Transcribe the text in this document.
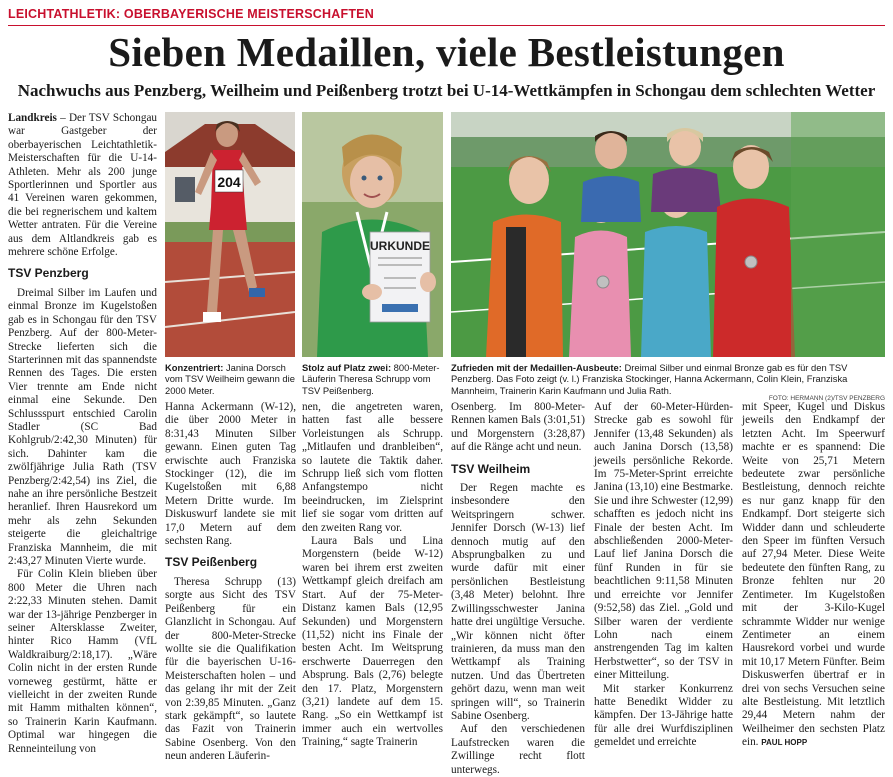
LEICHTATHLETIK: OBERBAYERISCHE MEISTERSCHAFTEN
Sieben Medaillen, viele Bestleistungen
Nachwuchs aus Penzberg, Weilheim und Peißenberg trotzt bei U-14-Wettkämpfen in Schongau dem schlechten Wetter

Landkreis – Der TSV Schongau war Gastgeber der oberbayerischen Leichtathletik-Meisterschaften für die U-14-Athleten. Mehr als 200 junge Sportlerinnen und Sportler aus 41 Vereinen waren gekommen, die bei regnerischem und kaltem Wetter antraten. Für die Vereine aus dem Altlandkreis gab es mehrere schöne Erfolge.

TSV Penzberg

Dreimal Silber im Laufen und einmal Bronze im Kugelstoßen gab es in Schongau für den TSV Penzberg. Auf der 800-Meter-Strecke lieferten sich die Starterinnen mit das spannendste Rennen des Tages. Die ersten Vier trennte am Ende nicht einmal eine Sekunde. Den Schlussspurt entschied Carolin Stadler (SC Bad Kohlgrub/2:42,30 Minuten) für sich. Dahinter kam die zwölfjährige Julia Rath (TSV Penzberg/2:42,54) ins Ziel, die nahe an ihre persönliche Bestzeit heranlief. Ihren Hausrekord um mehr als zehn Sekunden steigerte die gleichaltrige Franziska Mannheim, die mit 2:43,27 Minuten Vierte wurde.

Für Colin Klein blieben über 800 Meter die Uhren nach 2:22,33 Minuten stehen. Damit war der 13-jährige Penzberger in seiner Altersklasse Zweiter, hinter Rico Hamm (VfL Waldkraiburg/2:18,17). „Wäre Colin nicht in der ersten Runde vorneweg gestürmt, hätte er vielleicht in der zweiten Runde mit Hamm mithalten können“, so Trainerin Karin Kaufmann. Optimal war hingegen die Renneinteilung von

204
URKUNDE
Konzentriert: Janina Dorsch vom TSV Weilheim gewann die 2000 Meter.
Stolz auf Platz zwei: 800-Meter-Läuferin Theresa Schrupp vom TSV Peißenberg.
Zufrieden mit der Medaillen-Ausbeute: Dreimal Silber und einmal Bronze gab es für den TSV Penzberg. Das Foto zeigt (v. l.) Franziska Stockinger, Hanna Ackermann, Colin Klein, Franziska Mannheim, Trainerin Karin Kaufmann und Julia Rath.
FOTO: HERMANN (2)/TSV PENZBERG

Hanna Ackermann (W-12), die über 2000 Meter in 8:31,43 Minuten Silber gewann. Einen guten Tag erwischte auch Franziska Stockinger (12), die im Kugelstoßen mit 6,88 Metern Dritte wurde. Im Diskuswurf landete sie mit 17,0 Metern auf dem sechsten Rang.

TSV Peißenberg

Theresa Schrupp (13) sorgte aus Sicht des TSV Peißenberg für ein Glanzlicht in Schongau. Auf der 800-Meter-Strecke wollte sie die Qualifikation für die bayerischen U-16-Meisterschaften holen – und das gelang ihr mit der Zeit von 2:39,85 Minuten. „Ganz stark gekämpft“, so lautete das Fazit von Trainerin Sabine Osenberg. Von den neun anderen Läuferin-

nen, die angetreten waren, hatten fast alle bessere Vorleistungen als Schrupp. „Mitlaufen und dranbleiben“, so lautete die Taktik daher. Schrupp ließ sich vom flotten Anfangstempo nicht beeindrucken, im Zielsprint lief sie sogar vom dritten auf den zweiten Rang vor.

Laura Bals und Lina Morgenstern (beide W-12) waren bei ihrem erst zweiten Wettkampf gleich dreifach am Start. Auf der 75-Meter-Distanz kamen Bals (12,95 Sekunden) und Morgenstern (11,52) nicht ins Finale der besten Acht. Im Weitsprung erschwerte Dauerregen den Absprung. Bals (2,76) belegte den 17. Platz, Morgenstern (3,21) landete auf dem 15. Rang. „So ein Wettkampf ist immer auch ein wertvolles Training,“ sagte Trainerin

Osenberg. Im 800-Meter-Rennen kamen Bals (3:01,51) und Morgenstern (3:28,87) auf die Ränge acht und neun.

TSV Weilheim

Der Regen machte es insbesondere den Weitspringern schwer. Jennifer Dorsch (W-13) lief dennoch mutig auf den Absprungbalken zu und wurde dafür mit einer persönlichen Bestleistung (3,48 Meter) belohnt. Ihre Zwillingsschwester Janina hatte drei ungültige Versuche. „Wir können nicht öfter trainieren, da muss man den Wettkampf als Training nutzen. Und das Übertreten gehört dazu, wenn man weit springen will“, so Trainerin Sabine Osenberg.

Auf den verschiedenen Laufstrecken waren die Zwillinge recht flott unterwegs.

Auf der 60-Meter-Hürden-Strecke gab es sowohl für Jennifer (13,48 Sekunden) als auch Janina Dorsch (13,58) jeweils persönliche Rekorde. Im 75-Meter-Sprint erreichte Janina (13,10) eine Bestmarke. Sie und ihre Schwester (12,99) schafften es jedoch nicht ins Finale der besten Acht. Im abschließenden 2000-Meter-Lauf lief Janina Dorsch die fünf Runden in für sie beachtlichen 9:11,58 Minuten und erreichte vor Jennifer (9:52,58) das Ziel. „Gold und Silber waren der verdiente Lohn nach einem anstrengenden Tag im kalten Herbstwetter“, so der TSV in einer Mitteilung.

Mit starker Konkurrenz hatte Benedikt Widder zu kämpfen. Der 13-Jährige hatte für alle drei Wurfdisziplinen gemeldet und erreichte

mit Speer, Kugel und Diskus jeweils den Endkampf der letzten Acht. Im Speerwurf machte er es spannend: Die Weite von 25,71 Metern bedeutete zwar persönliche Bestleistung, dennoch reichte es nur ganz knapp für den Endkampf. Dort steigerte sich Widder dann und schleuderte den Speer im fünften Versuch auf 27,94 Meter. Diese Weite bedeutete den fünften Rang, zu Bronze fehlten nur 20 Zentimeter. Im Kugelstoßen mit der 3-Kilo-Kugel schrammte Widder nur wenige Zentimeter an einem Hausrekord vorbei und wurde mit 10,17 Metern Fünfter. Beim Diskuswerfen übertraf er in drei von sechs Versuchen seine alte Bestleistung. Mit letztlich 29,44 Metern nahm der Weilheimer den sechsten Platz ein. PAUL HOPP
